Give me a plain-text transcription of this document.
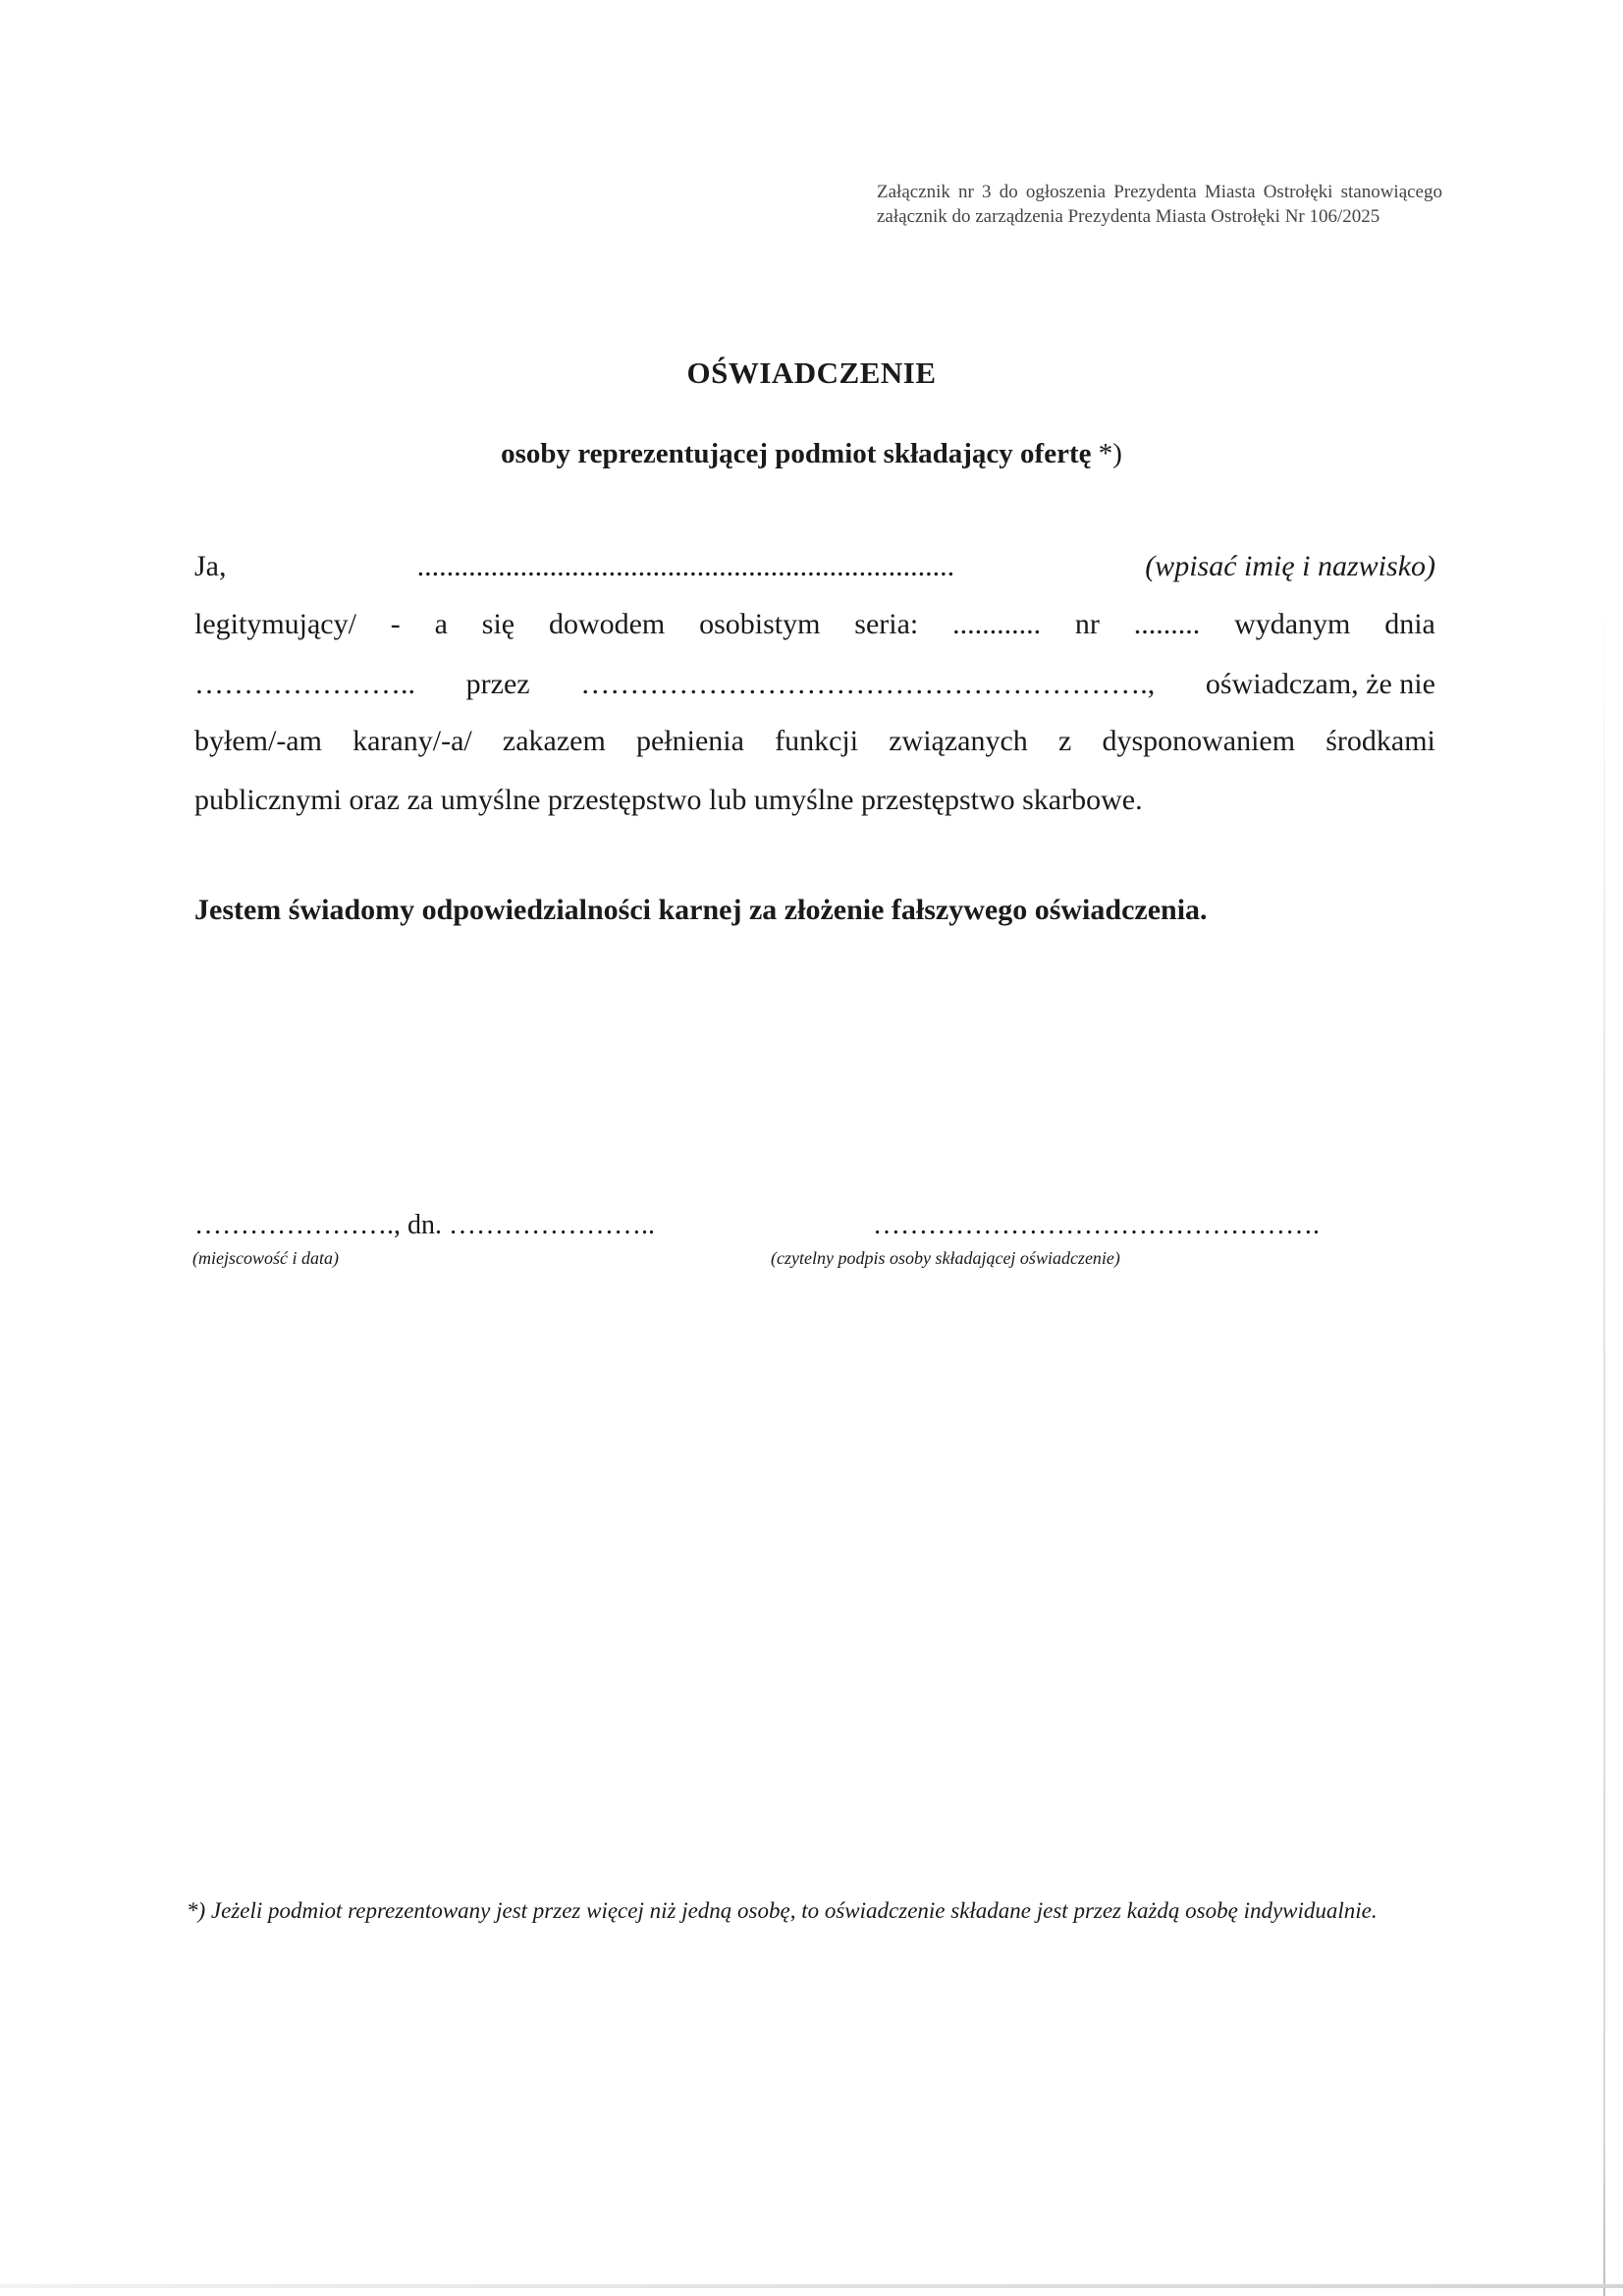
Załącznik nr 3 do ogłoszenia Prezydenta Miasta Ostrołęki stanowiącego załącznik do zarządzenia Prezydenta Miasta Ostrołęki Nr 106/2025
OŚWIADCZENIE
osoby reprezentującej podmiot składający ofertę *)
Ja,	.........................................................................	(wpisać imię i nazwisko)
legitymujący/ - a się dowodem osobistym seria: ............ nr ......... wydanym dnia
………………….. przez …………………………………………………., oświadczam, że nie
byłem/-am karany/-a/ zakazem pełnienia funkcji związanych z dysponowaniem środkami
publicznymi oraz za umyślne przestępstwo lub umyślne przestępstwo skarbowe.
Jestem świadomy odpowiedzialności karnej za złożenie fałszywego oświadczenia.
…………………., dn. …………………..
(miejscowość i data)
………………………………………….
(czytelny podpis osoby składającej oświadczenie)
*) Jeżeli podmiot reprezentowany jest przez więcej niż jedną osobę, to oświadczenie składane jest przez każdą osobę indywidualnie.
